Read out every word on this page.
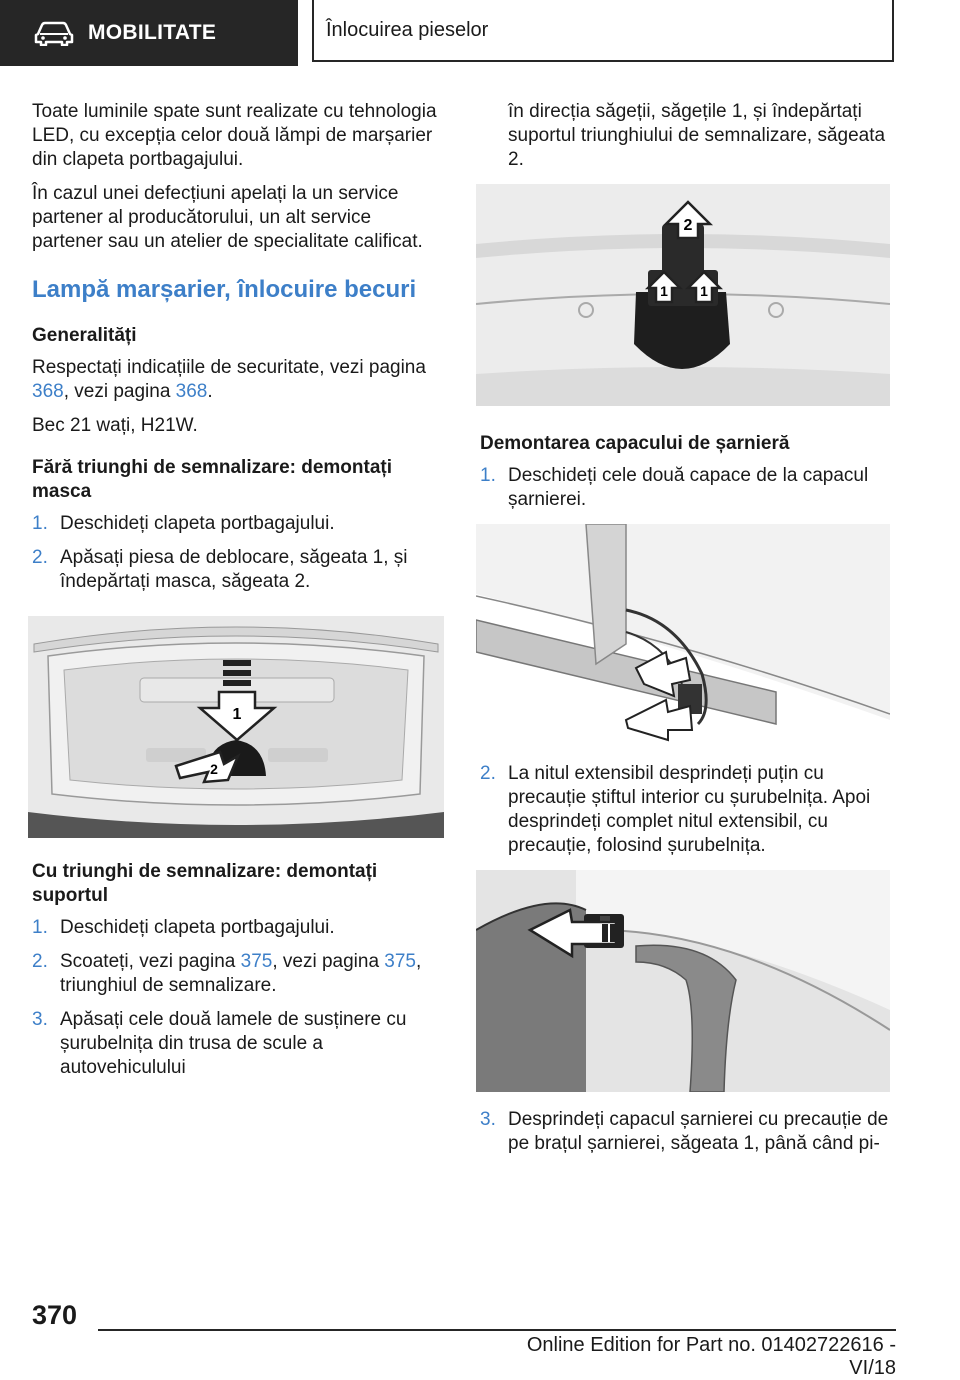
MOBILITATE	Înlocuirea pieselor

Toate luminile spate sunt realizate cu tehnologia LED, cu excepția celor două lămpi de marșarier din clapeta portbagajului.

În cazul unei defecțiuni apelați la un service partener al producătorului, un alt service partener sau un atelier de specialitate calificat.

Lampă marșarier, înlocuire becuri
Generalități

Respectați indicațiile de securitate, vezi pagina 368, vezi pagina 368.

Bec 21 wați, H21W.

Fără triunghi de semnalizare: demontați masca
1. Deschideți clapeta portbagajului.
2. Apăsați piesa de deblocare, săgeata 1, și îndepărtați masca, săgeata 2.
1
2
Cu triunghi de semnalizare: demontați suportul
1. Deschideți clapeta portbagajului.
2. Scoateți, vezi pagina 375, vezi pagina 375, triunghiul de semnalizare.
3. Apăsați cele două lamele de susținere cu șurubelnița din trusa de scule a autovehiculului

în direcția săgeții, săgețile 1, și îndepărtați suportul triunghiului de semnalizare, săgeata 2.

2
1 1
Demontarea capacului de șarnieră
1. Deschideți cele două capace de la capacul șarnierei.
2. La nitul extensibil desprindeți puțin cu precauție știftul interior cu șurubelnița. Apoi desprindeți complet nitul extensibil, cu precauție, folosind șurubelnița.
3. Desprindeți capacul șarnierei cu precauție de pe brațul șarnierei, săgeata 1, până când pi-
370
Online Edition for Part no. 01402722616 - VI/18
